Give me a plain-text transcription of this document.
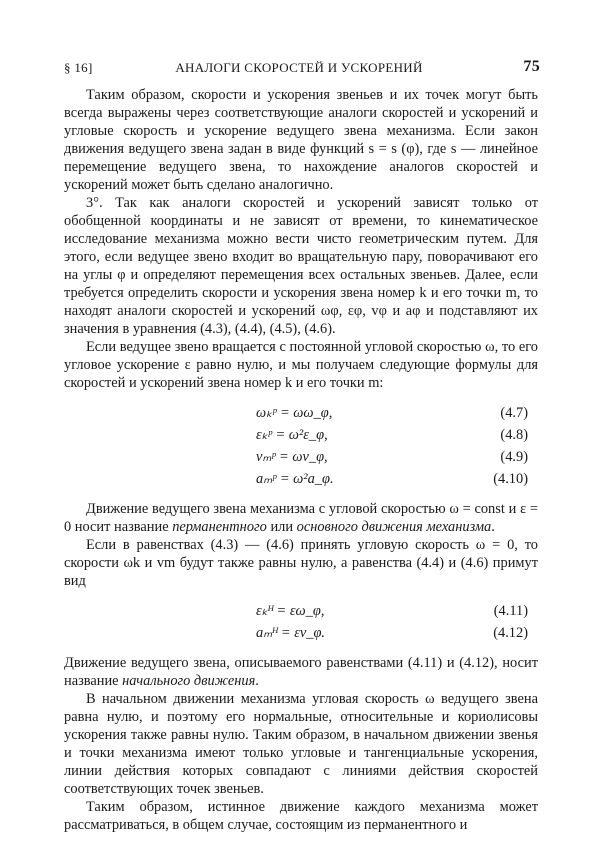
§ 16]	АНАЛОГИ СКОРОСТЕЙ И УСКОРЕНИЙ	75

Таким образом, скорости и ускорения звеньев и их точек могут быть всегда выражены через соответствующие аналоги скоростей и ускорений и угловые скорость и ускорение ведущего звена механизма. Если закон движения ведущего звена задан в виде функций s = s (φ), где s — линейное перемещение ведущего звена, то нахождение аналогов скоростей и ускорений может быть сделано аналогично.

3°. Так как аналоги скоростей и ускорений зависят только от обобщенной координаты и не зависят от времени, то кинематическое исследование механизма можно вести чисто геометрическим путем. Для этого, если ведущее звено входит во вращательную пару, поворачивают его на углы φ и определяют перемещения всех остальных звеньев. Далее, если требуется определить скорости и ускорения звена номер k и его точки m, то находят аналоги скоростей и ускорений ωφ, εφ, vφ и aφ и подставляют их значения в уравнения (4.3), (4.4), (4.5), (4.6).

Если ведущее звено вращается с постоянной угловой скоростью ω, то его угловое ускорение ε равно нулю, и мы получаем следующие формулы для скоростей и ускорений звена номер k и его точки m:

ωₖᵖ = ωω_φ,	(4.7)
εₖᵖ = ω²ε_φ,	(4.8)
vₘᵖ = ωv_φ,	(4.9)
aₘᵖ = ω²a_φ.	(4.10)

Движение ведущего звена механизма с угловой скоростью ω = const и ε = 0 носит название перманентного или основного движения механизма.

Если в равенствах (4.3) — (4.6) принять угловую скорость ω = 0, то скорости ωk и vm будут также равны нулю, а равенства (4.4) и (4.6) примут вид

εₖᴴ = εω_φ,	(4.11)
aₘᴴ = εv_φ.	(4.12)

Движение ведущего звена, описываемого равенствами (4.11) и (4.12), носит название начального движения.

В начальном движении механизма угловая скорость ω ведущего звена равна нулю, и поэтому его нормальные, относительные и кориолисовы ускорения также равны нулю. Таким образом, в начальном движении звенья и точки механизма имеют только угловые и тангенциальные ускорения, линии действия которых совпадают с линиями действия скоростей соответствующих точек звеньев.

Таким образом, истинное движение каждого механизма может рассматриваться, в общем случае, состоящим из перманентного и
